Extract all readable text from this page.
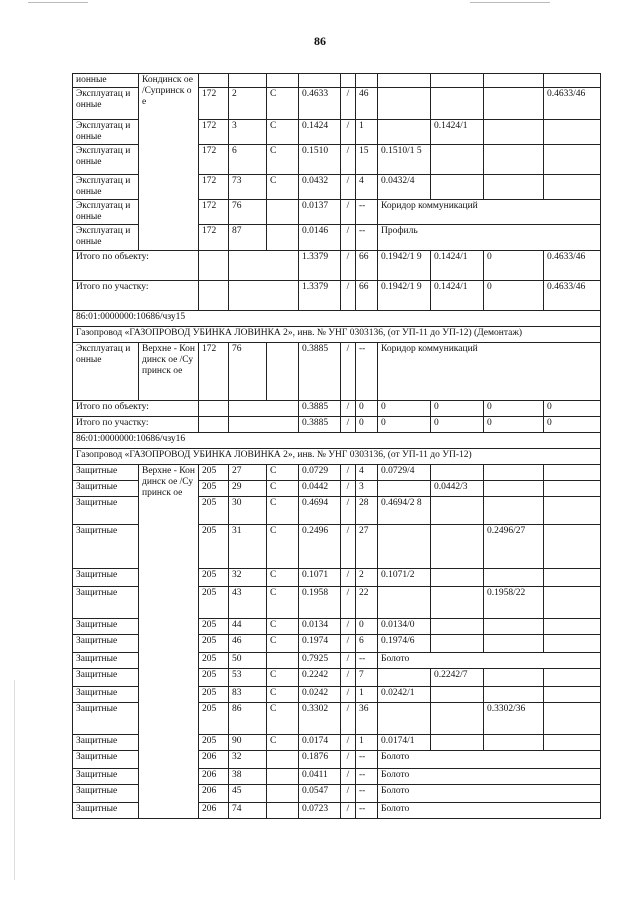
86
ионные	Кондинск ое /Супринск ое										
Эксплуатац ионные		172	2	С	0.4633	/	46				0.4633/46
Эксплуатац ионные		172	3	С	0.1424	/	1		0.1424/1		
Эксплуатац ионные		172	6	С	0.1510	/	15	0.1510/1 5			
Эксплуатац ионные		172	73	С	0.0432	/	4	0.0432/4			
Эксплуатац ионные		172	76		0.0137	/	--	Коридор коммуникаций			
Эксплуатац ионные		172	87		0.0146	/	--	Профиль			
Итого по объекту:					1.3379	/	66	0.1942/1 9	0.1424/1	0	0.4633/46
Итого по участку:					1.3379	/	66	0.1942/1 9	0.1424/1	0	0.4633/46
86:01:0000000:10686/чзу15											
Газопровод «ГАЗОПРОВОД УБИНКА ЛОВИНКА 2», инв. № УНГ 0303136, (от УП-11 до УП-12) (Демонтаж)											
Эксплуатац ионные	Верхне - Кондинск ое /Супринск ое	172	76		0.3885	/	--	Коридор коммуникаций			
Итого по объекту:					0.3885	/	0	0	0	0	0
Итого по участку:					0.3885	/	0	0	0	0	0
86:01:0000000:10686/чзу16											
Газопровод «ГАЗОПРОВОД УБИНКА ЛОВИНКА 2», инв. № УНГ 0303136, (от УП-11 до УП-12)											
Защитные	Верхне - Кондинск ое /Супринск ое	205	27	С	0.0729	/	4	0.0729/4			
Защитные		205	29	С	0.0442	/	3		0.0442/3		
Защитные		205	30	С	0.4694	/	28	0.4694/2 8			
Защитные		205	31	С	0.2496	/	27			0.2496/27	
Защитные		205	32	С	0.1071	/	2	0.1071/2			
Защитные		205	43	С	0.1958	/	22			0.1958/22	
Защитные		205	44	С	0.0134	/	0	0.0134/0			
Защитные		205	46	С	0.1974	/	6	0.1974/6			
Защитные		205	50		0.7925	/	--	Болото			
Защитные		205	53	С	0.2242	/	7		0.2242/7		
Защитные		205	83	С	0.0242	/	1	0.0242/1			
Защитные		205	86	С	0.3302	/	36			0.3302/36	
Защитные		205	90	С	0.0174	/	1	0.0174/1			
Защитные		206	32		0.1876	/	--	Болото			
Защитные		206	38		0.0411	/	--	Болото			
Защитные		206	45		0.0547	/	--	Болото			
Защитные		206	74		0.0723	/	--	Болото			
